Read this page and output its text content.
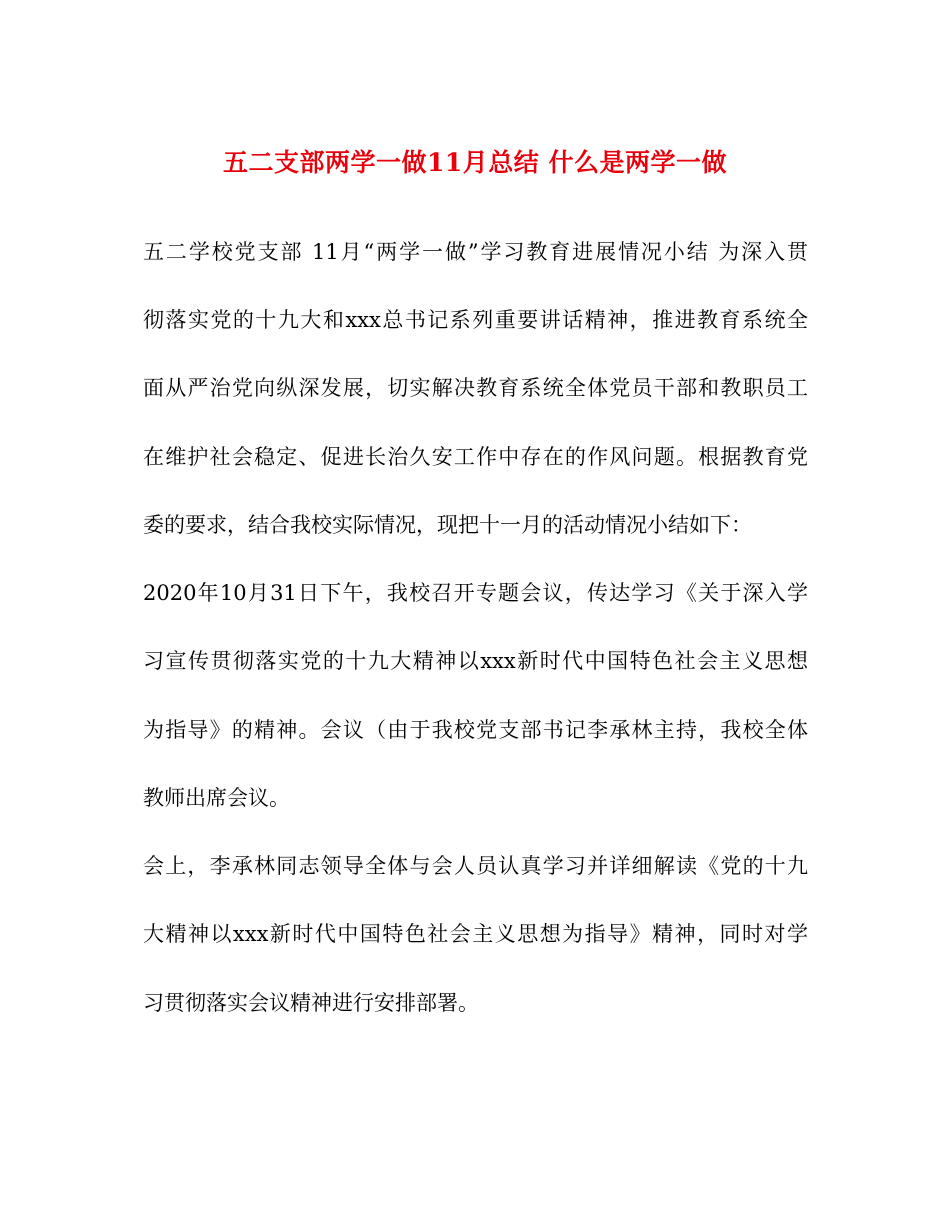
五二支部两学一做11月总结 什么是两学一做
五二学校党支部 11月“两学一做”学习教育进展情况小结 为深入贯
彻落实党的十九大和xxx总书记系列重要讲话精神，推进教育系统全
面从严治党向纵深发展，切实解决教育系统全体党员干部和教职员工
在维护社会稳定、促进长治久安工作中存在的作风问题。根据教育党
委的要求，结合我校实际情况，现把十一月的活动情况小结如下：
2020年10月31日下午，我校召开专题会议，传达学习《关于深入学
习宣传贯彻落实党的十九大精神以xxx新时代中国特色社会主义思想
为指导》的精神。会议（由于我校党支部书记李承林主持，我校全体
教师出席会议。
会上，李承林同志领导全体与会人员认真学习并详细解读《党的十九
大精神以xxx新时代中国特色社会主义思想为指导》精神，同时对学
习贯彻落实会议精神进行安排部署。
